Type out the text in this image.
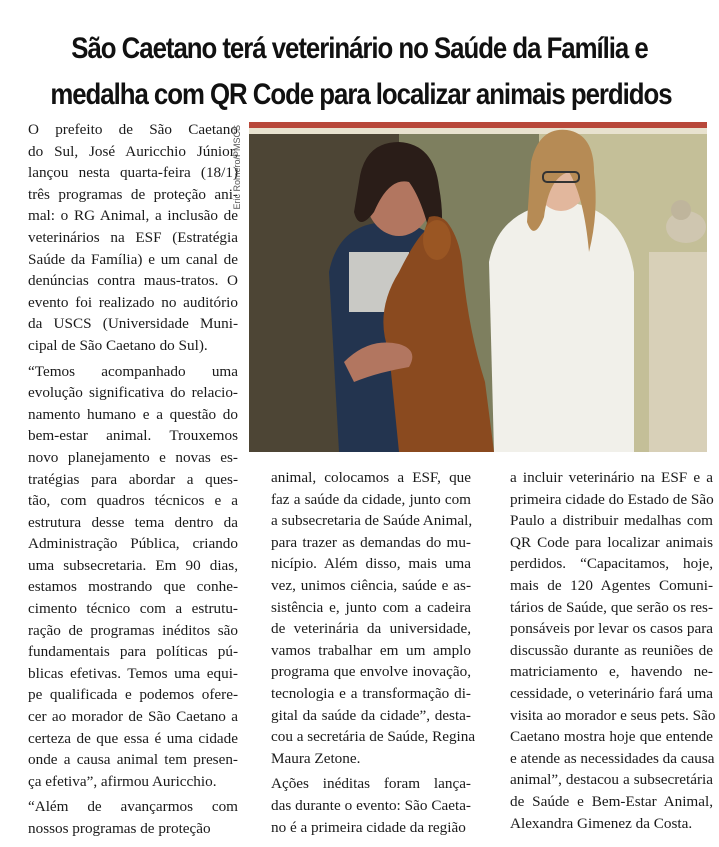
São Caetano terá veterinário no Saúde da Família e
medalha com QR Code para localizar animais perdidos

O prefeito de São Caetano
do Sul, José Auricchio Júnior,
lançou nesta quarta-feira (18/1)
três programas de proteção ani-
mal: o RG Animal, a inclusão de
veterinários na ESF (Estratégia
Saúde da Família) e um canal de
denúncias contra maus-tratos. O
evento foi realizado no auditório
da USCS (Universidade Muni-
cipal de São Caetano do Sul).

“Temos acompanhado uma
evolução significativa do relacio-
namento humano e a questão do
bem-estar animal. Trouxemos
novo planejamento e novas es-
tratégias para abordar a ques-
tão, com quadros técnicos e a
estrutura desse tema dentro da
Administração Pública, criando
uma subsecretaria. Em 90 dias,
estamos mostrando que conhe-
cimento técnico com a estrutu-
ração de programas inéditos são
fundamentais para políticas pú-
blicas efetivas. Temos uma equi-
pe qualificada e podemos ofere-
cer ao morador de São Caetano a
certeza de que essa é uma cidade
onde a causa animal tem presen-
ça efetiva”, afirmou Auricchio.

“Além de avançarmos com
nossos programas de proteção

Eric Romero/PMSCS

animal, colocamos a ESF, que
faz a saúde da cidade, junto com
a subsecretaria de Saúde Animal,
para trazer as demandas do mu-
nicípio. Além disso, mais uma
vez, unimos ciência, saúde e as-
sistência e, junto com a cadeira
de veterinária da universidade,
vamos trabalhar em um amplo
programa que envolve inovação,
tecnologia e a transformação di-
gital da saúde da cidade”, desta-
cou a secretária de Saúde, Regina
Maura Zetone.

Ações inéditas foram lança-
das durante o evento: São Caeta-
no é a primeira cidade da região

a incluir veterinário na ESF e a
primeira cidade do Estado de São
Paulo a distribuir medalhas com
QR Code para localizar animais
perdidos. “Capacitamos, hoje,
mais de 120 Agentes Comuni-
tários de Saúde, que serão os res-
ponsáveis por levar os casos para
discussão durante as reuniões de
matriciamento e, havendo ne-
cessidade, o veterinário fará uma
visita ao morador e seus pets. São
Caetano mostra hoje que entende
e atende as necessidades da causa
animal”, destacou a subsecretária
de Saúde e Bem-Estar Animal,
Alexandra Gimenez da Costa.
